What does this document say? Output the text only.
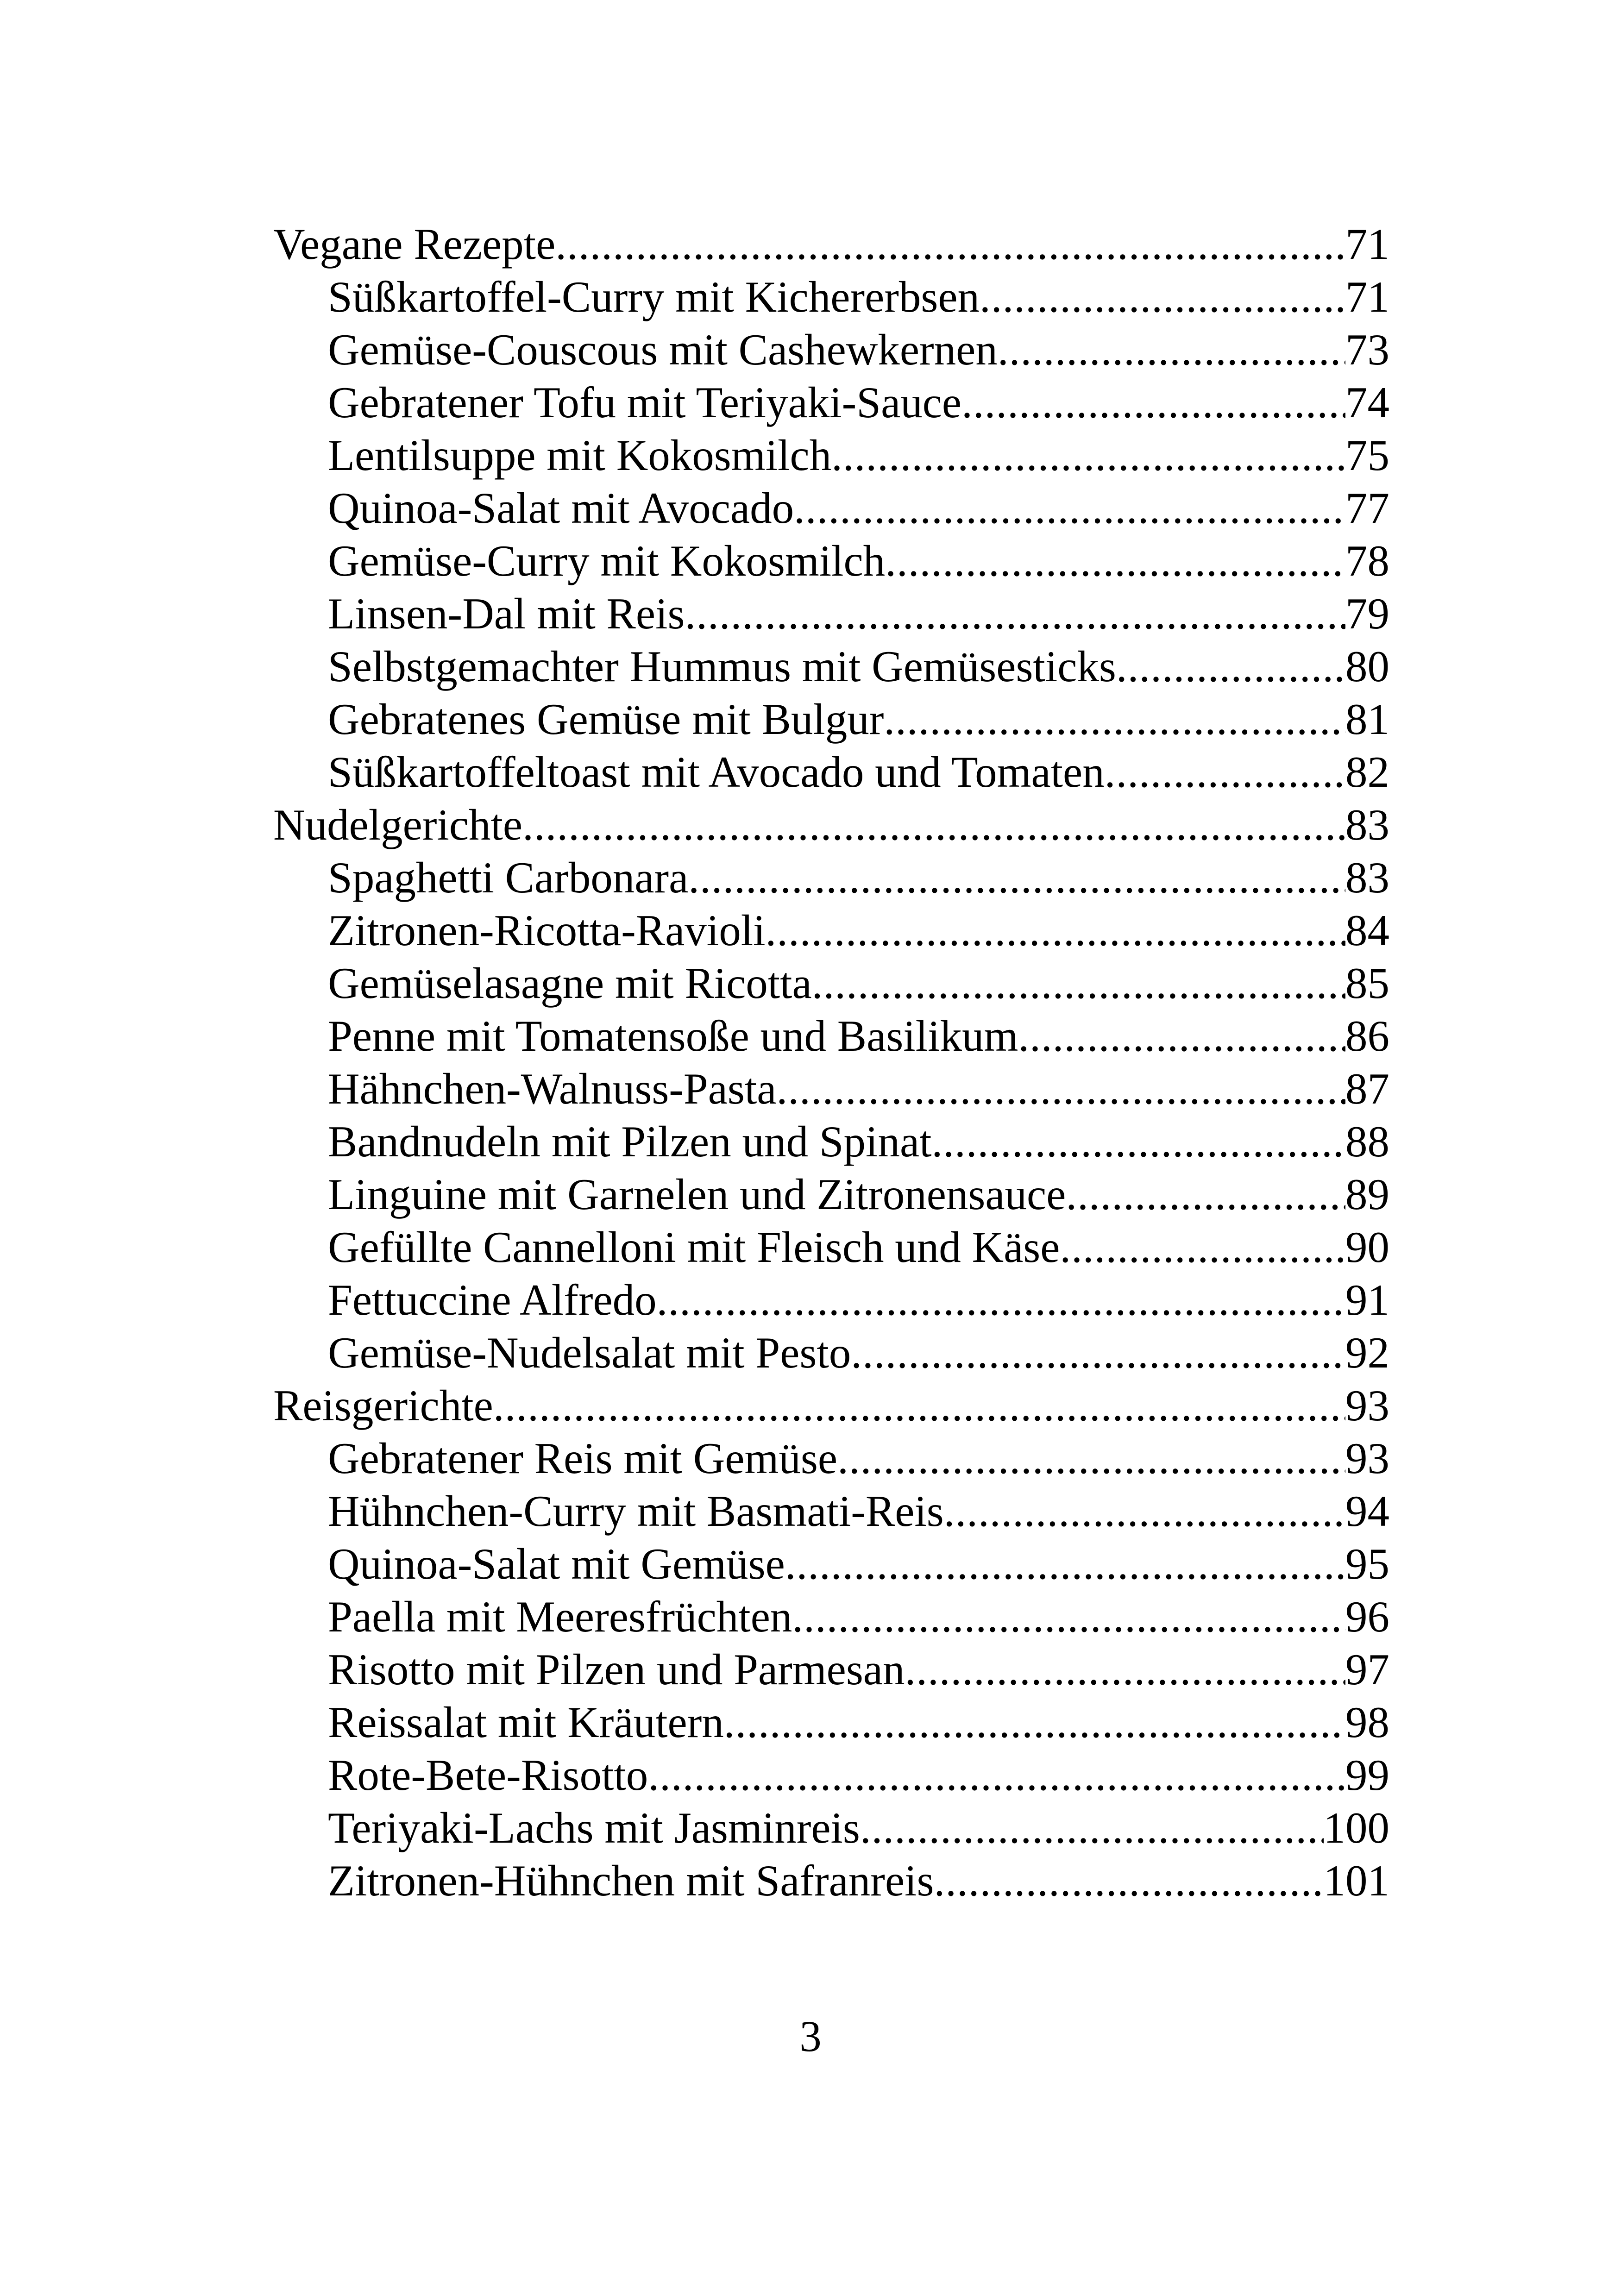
Vegane Rezepte .....	71
Süßkartoffel-Curry mit Kichererbsen .....	71
Gemüse-Couscous mit Cashewkernen .....	73
Gebratener Tofu mit Teriyaki-Sauce .....	74
Lentilsuppe mit Kokosmilch .....	75
Quinoa-Salat mit Avocado .....	77
Gemüse-Curry mit Kokosmilch .....	78
Linsen-Dal mit Reis .....	79
Selbstgemachter Hummus mit Gemüsesticks .....	80
Gebratenes Gemüse mit Bulgur .....	81
Süßkartoffeltoast mit Avocado und Tomaten .....	82
Nudelgerichte .....	83
Spaghetti Carbonara .....	83
Zitronen-Ricotta-Ravioli .....	84
Gemüselasagne mit Ricotta .....	85
Penne mit Tomatensoße und Basilikum .....	86
Hähnchen-Walnuss-Pasta .....	87
Bandnudeln mit Pilzen und Spinat .....	88
Linguine mit Garnelen und Zitronensauce .....	89
Gefüllte Cannelloni mit Fleisch und Käse .....	90
Fettuccine Alfredo .....	91
Gemüse-Nudelsalat mit Pesto .....	92
Reisgerichte .....	93
Gebratener Reis mit Gemüse .....	93
Hühnchen-Curry mit Basmati-Reis .....	94
Quinoa-Salat mit Gemüse .....	95
Paella mit Meeresfrüchten .....	96
Risotto mit Pilzen und Parmesan .....	97
Reissalat mit Kräutern .....	98
Rote-Bete-Risotto .....	99
Teriyaki-Lachs mit Jasminreis .....	100
Zitronen-Hühnchen mit Safranreis .....	101
3
